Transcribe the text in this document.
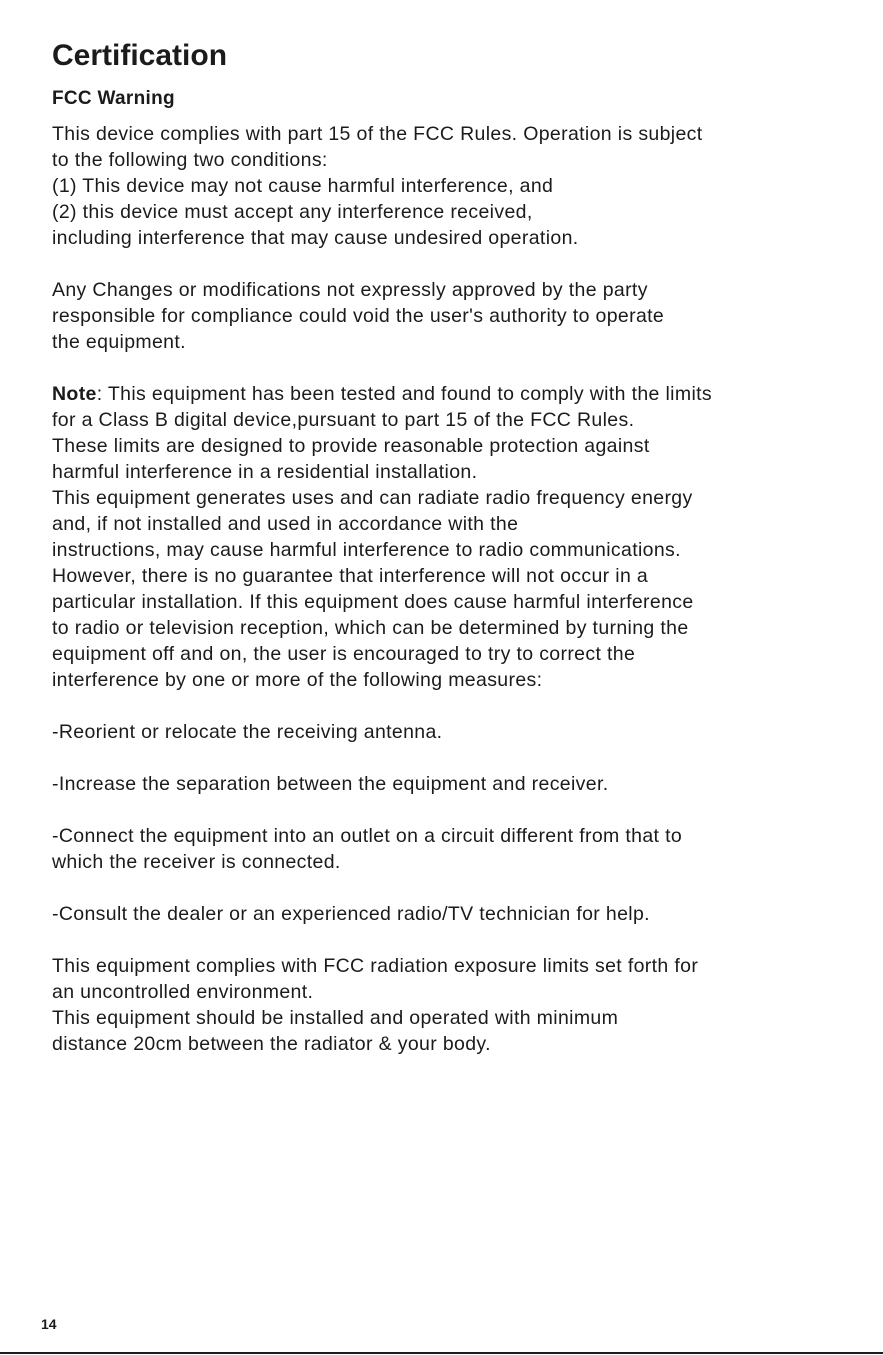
Certification
FCC Warning
This device complies with part 15 of the FCC Rules. Operation is subject
to the following two conditions:
(1) This device may not cause harmful interference, and
(2) this device must accept any interference received,
including interference that may cause undesired operation.
Any Changes or modifications not expressly approved by the party
responsible for compliance could void the user's authority to operate
the equipment.
Note: This equipment has been tested and found to comply with the limits
for a Class B digital device,pursuant to part 15 of the FCC Rules.
These limits are designed to provide reasonable protection against
harmful interference in a residential installation.
This equipment generates uses and can radiate radio frequency energy
and, if not installed and used in accordance with the
instructions, may cause harmful interference to radio communications.
However, there is no guarantee that interference will not occur in a
particular installation. If this equipment does cause harmful interference
to radio or television reception, which can be determined by turning the
equipment off and on, the user is encouraged to try to correct the
interference by one or more of the following measures:
-Reorient or relocate the receiving antenna.
-Increase the separation between the equipment and receiver.
-Connect the equipment into an outlet on a circuit different from that to
which the receiver is connected.
-Consult the dealer or an experienced radio/TV technician for help.
This equipment complies with FCC radiation exposure limits set forth for
an uncontrolled environment.
This equipment should be installed and operated with minimum
distance 20cm between the radiator & your body.
14
